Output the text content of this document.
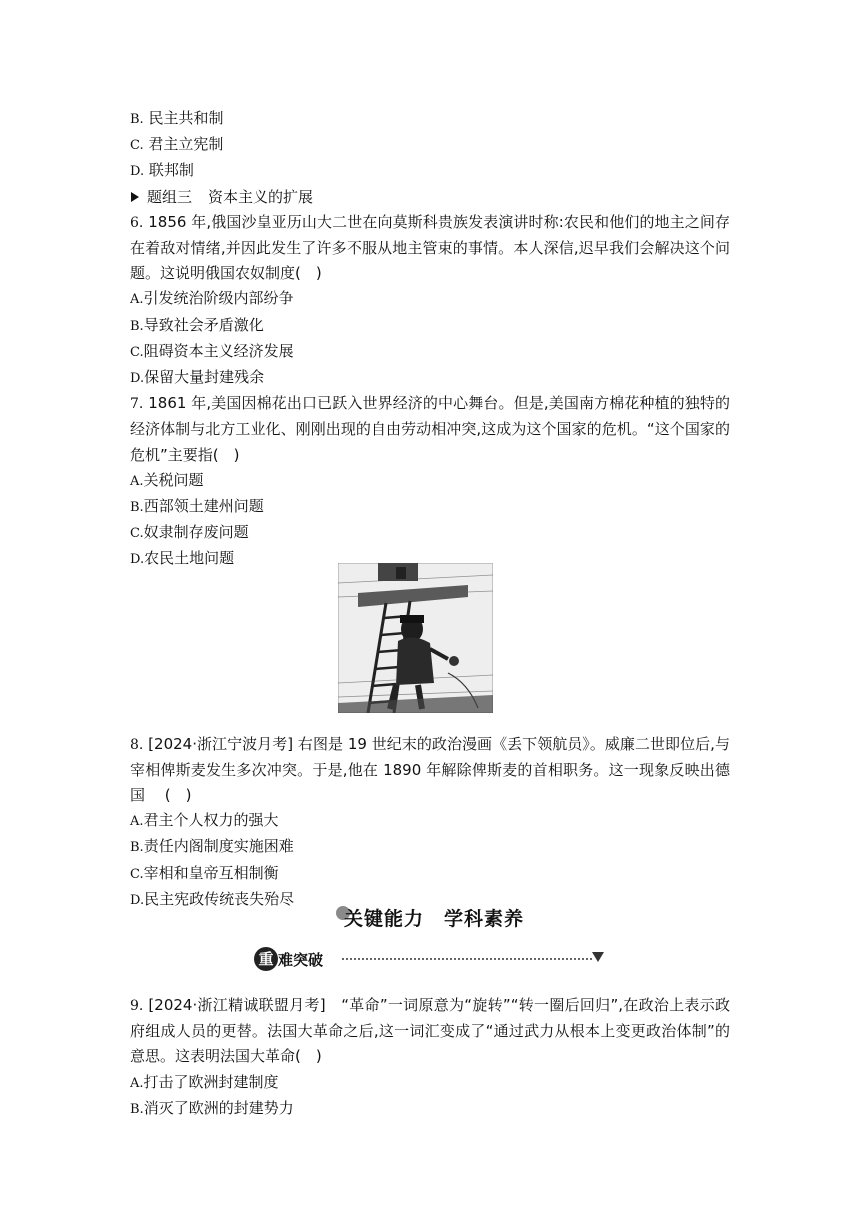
B. 民主共和制
C. 君主立宪制
D. 联邦制
题组三 资本主义的扩展
6. 1856 年,俄国沙皇亚历山大二世在向莫斯科贵族发表演讲时称:农民和他们的地主之间存在着敌对情绪,并因此发生了许多不服从地主管束的事情。本人深信,迟早我们会解决这个问题。这说明俄国农奴制度(　)
A.引发统治阶级内部纷争
B.导致社会矛盾激化
C.阻碍资本主义经济发展
D.保留大量封建残余
7. 1861 年,美国因棉花出口已跃入世界经济的中心舞台。但是,美国南方棉花种植的独特的经济体制与北方工业化、刚刚出现的自由劳动相冲突,这成为这个国家的危机。“这个国家的危机”主要指(　)
A.关税问题
B.西部领土建州问题
C.奴隶制存废问题
D.农民土地问题
8. [2024·浙江宁波月考] 右图是 19 世纪末的政治漫画《丢下领航员》。威廉二世即位后,与宰相俾斯麦发生多次冲突。于是,他在 1890 年解除俾斯麦的首相职务。这一现象反映出德国　 (　)
A.君主个人权力的强大
B.责任内阁制度实施困难
C.宰相和皇帝互相制衡
D.民主宪政传统丧失殆尽
9. [2024·浙江精诚联盟月考]　“革命”一词原意为“旋转”“转一圈后回归”,在政治上表示政府组成人员的更替。法国大革命之后,这一词汇变成了“通过武力从根本上变更政治体制”的意思。这表明法国大革命(　)
A.打击了欧洲封建制度
B.消灭了欧洲的封建势力
关键能力　学科素养
重 难突破
